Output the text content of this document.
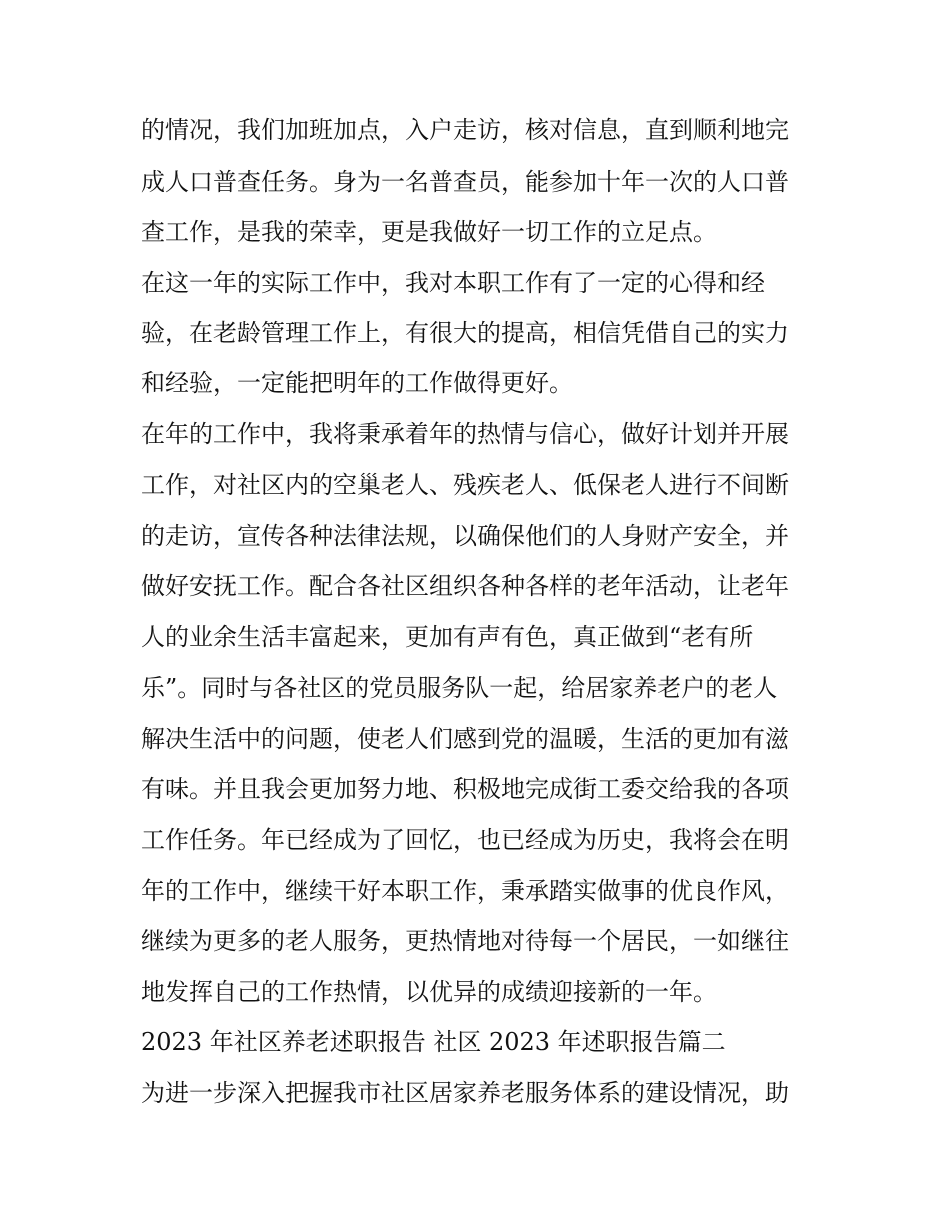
的情况，我们加班加点，入户走访，核对信息，直到顺利地完
成人口普查任务。身为一名普查员，能参加十年一次的人口普
查工作，是我的荣幸，更是我做好一切工作的立足点。
在这一年的实际工作中，我对本职工作有了一定的心得和经
验，在老龄管理工作上，有很大的提高，相信凭借自己的实力
和经验，一定能把明年的工作做得更好。
在年的工作中，我将秉承着年的热情与信心，做好计划并开展
工作，对社区内的空巢老人、残疾老人、低保老人进行不间断
的走访，宣传各种法律法规，以确保他们的人身财产安全，并
做好安抚工作。配合各社区组织各种各样的老年活动，让老年
人的业余生活丰富起来，更加有声有色，真正做到“老有所
乐”。同时与各社区的党员服务队一起，给居家养老户的老人
解决生活中的问题，使老人们感到党的温暖，生活的更加有滋
有味。并且我会更加努力地、积极地完成街工委交给我的各项
工作任务。年已经成为了回忆，也已经成为历史，我将会在明
年的工作中，继续干好本职工作，秉承踏实做事的优良作风，
继续为更多的老人服务，更热情地对待每一个居民，一如继往
地发挥自己的工作热情，以优异的成绩迎接新的一年。
2023 年社区养老述职报告 社区 2023 年述职报告篇二
为进一步深入把握我市社区居家养老服务体系的建设情况，助
